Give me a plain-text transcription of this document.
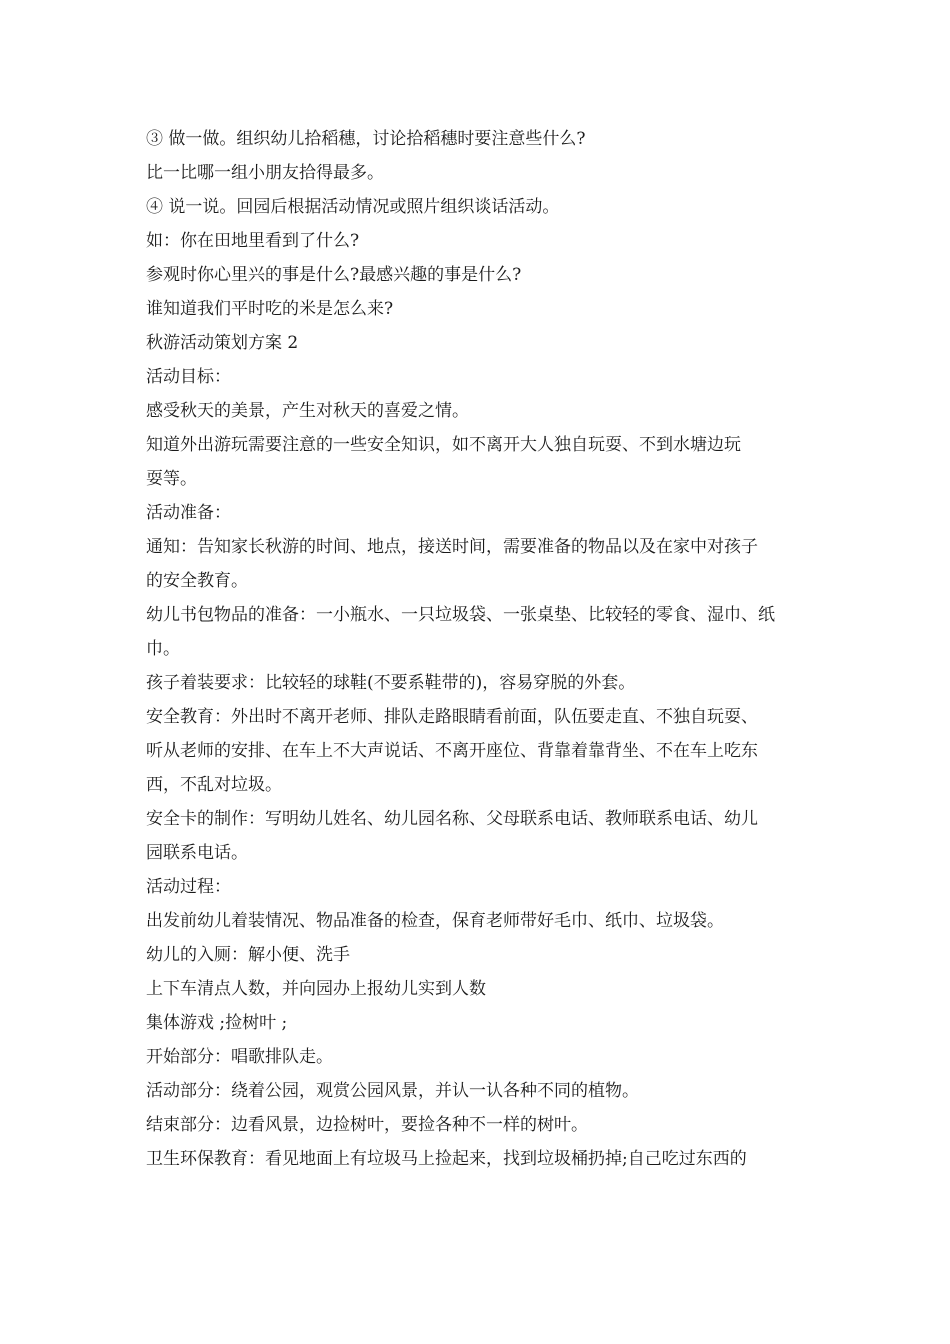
③ 做一做。组织幼儿拾稻穗，讨论拾稻穗时要注意些什么?

比一比哪一组小朋友拾得最多。

④ 说一说。回园后根据活动情况或照片组织谈话活动。

如：你在田地里看到了什么?

参观时你心里兴的事是什么?最感兴趣的事是什么?

谁知道我们平时吃的米是怎么来?

秋游活动策划方案 2

活动目标：

感受秋天的美景，产生对秋天的喜爱之情。

知道外出游玩需要注意的一些安全知识，如不离开大人独自玩耍、不到水塘边玩

耍等。

活动准备：

通知：告知家长秋游的时间、地点，接送时间，需要准备的物品以及在家中对孩子

的安全教育。

幼儿书包物品的准备：一小瓶水、一只垃圾袋、一张桌垫、比较轻的零食、湿巾、纸

巾。

孩子着装要求：比较轻的球鞋(不要系鞋带的)，容易穿脱的外套。

安全教育：外出时不离开老师、排队走路眼睛看前面，队伍要走直、不独自玩耍、

听从老师的安排、在车上不大声说话、不离开座位、背靠着靠背坐、不在车上吃东

西，不乱对垃圾。

安全卡的制作：写明幼儿姓名、幼儿园名称、父母联系电话、教师联系电话、幼儿

园联系电话。

活动过程：

出发前幼儿着装情况、物品准备的检查，保育老师带好毛巾、纸巾、垃圾袋。

幼儿的入厕：解小便、洗手

上下车清点人数，并向园办上报幼儿实到人数

集体游戏 ;捡树叶 ;

开始部分：唱歌排队走。

活动部分：绕着公园，观赏公园风景，并认一认各种不同的植物。

结束部分：边看风景，边捡树叶，要捡各种不一样的树叶。

卫生环保教育：看见地面上有垃圾马上捡起来，找到垃圾桶扔掉;自己吃过东西的
